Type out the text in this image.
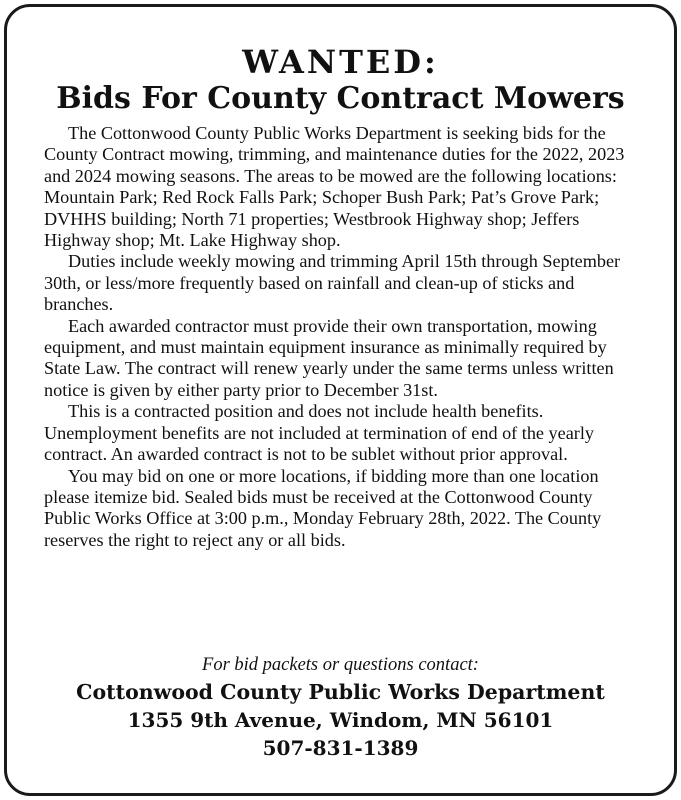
WANTED:
Bids For County Contract Mowers

The Cottonwood County Public Works Department is seeking bids for the County Contract mowing, trimming, and maintenance duties for the 2022, 2023 and 2024 mowing seasons. The areas to be mowed are the following locations: Mountain Park; Red Rock Falls Park; Schoper Bush Park; Pat’s Grove Park; DVHHS building; North 71 properties; Westbrook Highway shop; Jeffers Highway shop; Mt. Lake Highway shop.

Duties include weekly mowing and trimming April 15th through September 30th, or less/more frequently based on rainfall and clean-up of sticks and branches.

Each awarded contractor must provide their own transportation, mowing equipment, and must maintain equipment insurance as minimally required by State Law. The contract will renew yearly under the same terms unless written notice is given by either party prior to December 31st.

This is a contracted position and does not include health benefits. Unemployment benefits are not included at termination of end of the yearly contract. An awarded contract is not to be sublet without prior approval.

You may bid on one or more locations, if bidding more than one location please itemize bid. Sealed bids must be received at the Cottonwood County Public Works Office at 3:00 p.m., Monday February 28th, 2022. The County reserves the right to reject any or all bids.

For bid packets or questions contact:
Cottonwood County Public Works Department
1355 9th Avenue, Windom, MN 56101
507-831-1389
